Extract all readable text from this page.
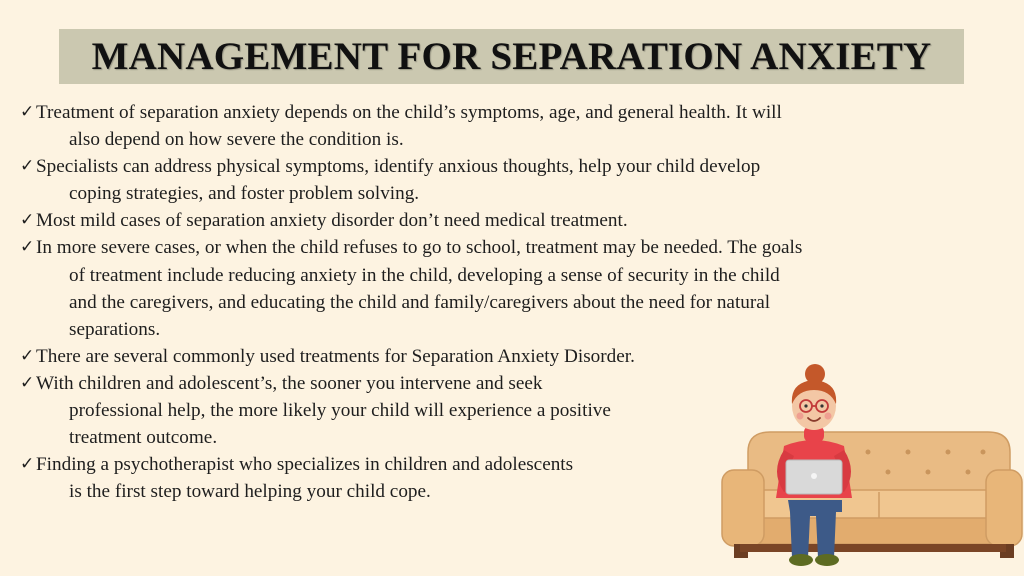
MANAGEMENT FOR SEPARATION ANXIETY
✓ Treatment of separation anxiety depends on the child’s symptoms, age, and general health. It will
also depend on how severe the condition is.
✓ Specialists can address physical symptoms, identify anxious thoughts, help your child develop
coping strategies, and foster problem solving.
✓ Most mild cases of separation anxiety disorder don’t need medical treatment.
✓ In more severe cases, or when the child refuses to go to school, treatment may be needed. The goals
of treatment include reducing anxiety in the child, developing a sense of security in the child
and the caregivers, and educating the child and family/caregivers about the need for natural
separations.
✓ There are several commonly used treatments for Separation Anxiety Disorder.
✓ With children and adolescent’s, the sooner you intervene and seek
professional help, the more likely your child will experience a positive
treatment outcome.
✓ Finding a psychotherapist who specializes in children and adolescents
is the first step toward helping your child cope.
